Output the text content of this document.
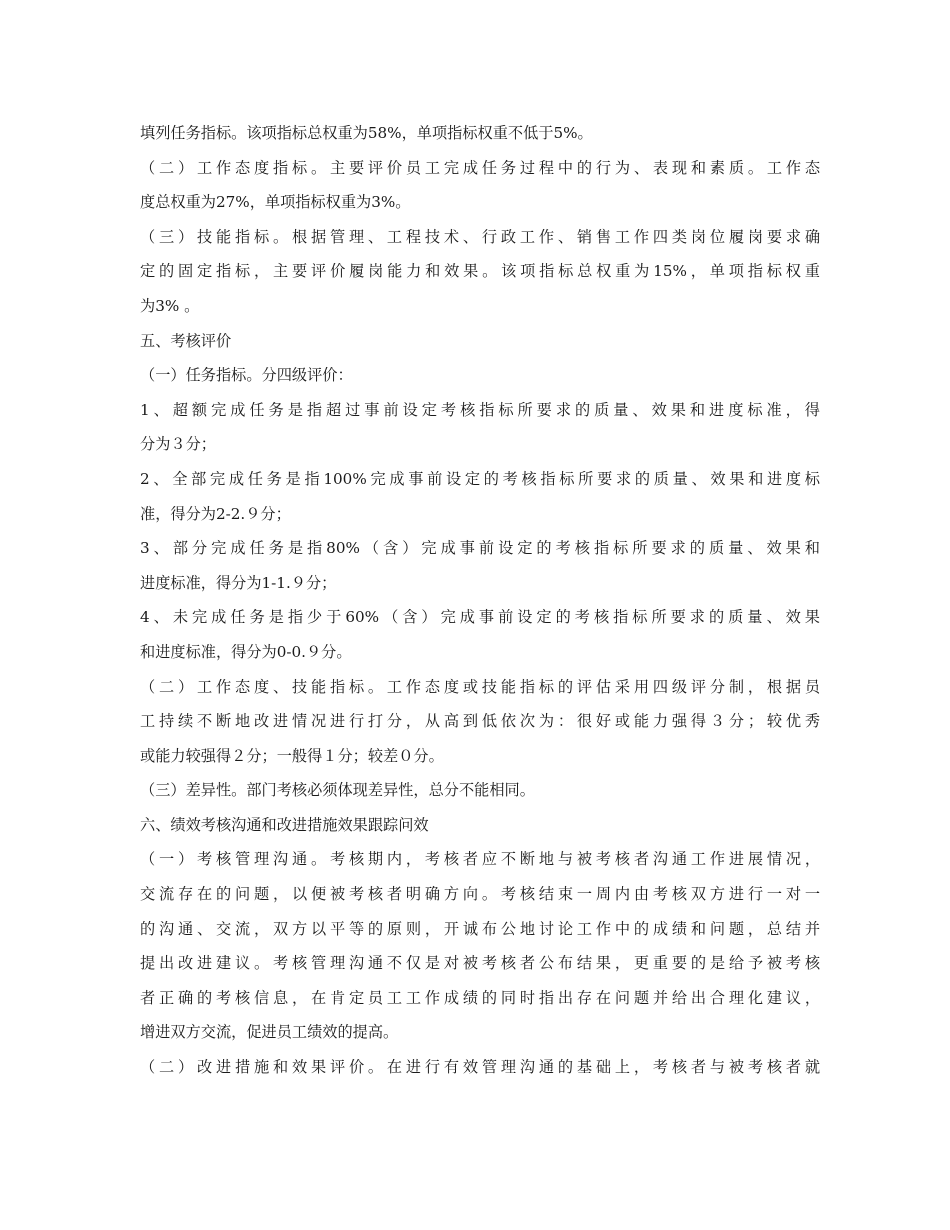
填列任务指标。该项指标总权重为58%，单项指标权重不低于5%。
（二）工作态度指标。主要评价员工完成任务过程中的行为、表现和素质。工作态
度总权重为27%，单项指标权重为3%。
（三）技能指标。根据管理、工程技术、行政工作、销售工作四类岗位履岗要求确
定的固定指标，主要评价履岗能力和效果。该项指标总权重为15%，单项指标权重
为3% 。
五、考核评价
（一）任务指标。分四级评价：
1、超额完成任务是指超过事前设定考核指标所要求的质量、效果和进度标准，得
分为３分；
2、全部完成任务是指100%完成事前设定的考核指标所要求的质量、效果和进度标
准，得分为2-2.９分；
3、部分完成任务是指80%（含）完成事前设定的考核指标所要求的质量、效果和
进度标准，得分为1-1.９分；
4、未完成任务是指少于60%（含）完成事前设定的考核指标所要求的质量、效果
和进度标准，得分为0-0.９分。
（二）工作态度、技能指标。工作态度或技能指标的评估采用四级评分制，根据员
工持续不断地改进情况进行打分，从高到低依次为：很好或能力强得３分；较优秀
或能力较强得２分；一般得１分；较差０分。
（三）差异性。部门考核必须体现差异性，总分不能相同。
六、绩效考核沟通和改进措施效果跟踪问效
（一）考核管理沟通。考核期内，考核者应不断地与被考核者沟通工作进展情况，
交流存在的问题，以便被考核者明确方向。考核结束一周内由考核双方进行一对一
的沟通、交流，双方以平等的原则，开诚布公地讨论工作中的成绩和问题，总结并
提出改进建议。考核管理沟通不仅是对被考核者公布结果，更重要的是给予被考核
者正确的考核信息，在肯定员工工作成绩的同时指出存在问题并给出合理化建议，
增进双方交流，促进员工绩效的提高。
（二）改进措施和效果评价。在进行有效管理沟通的基础上，考核者与被考核者就
